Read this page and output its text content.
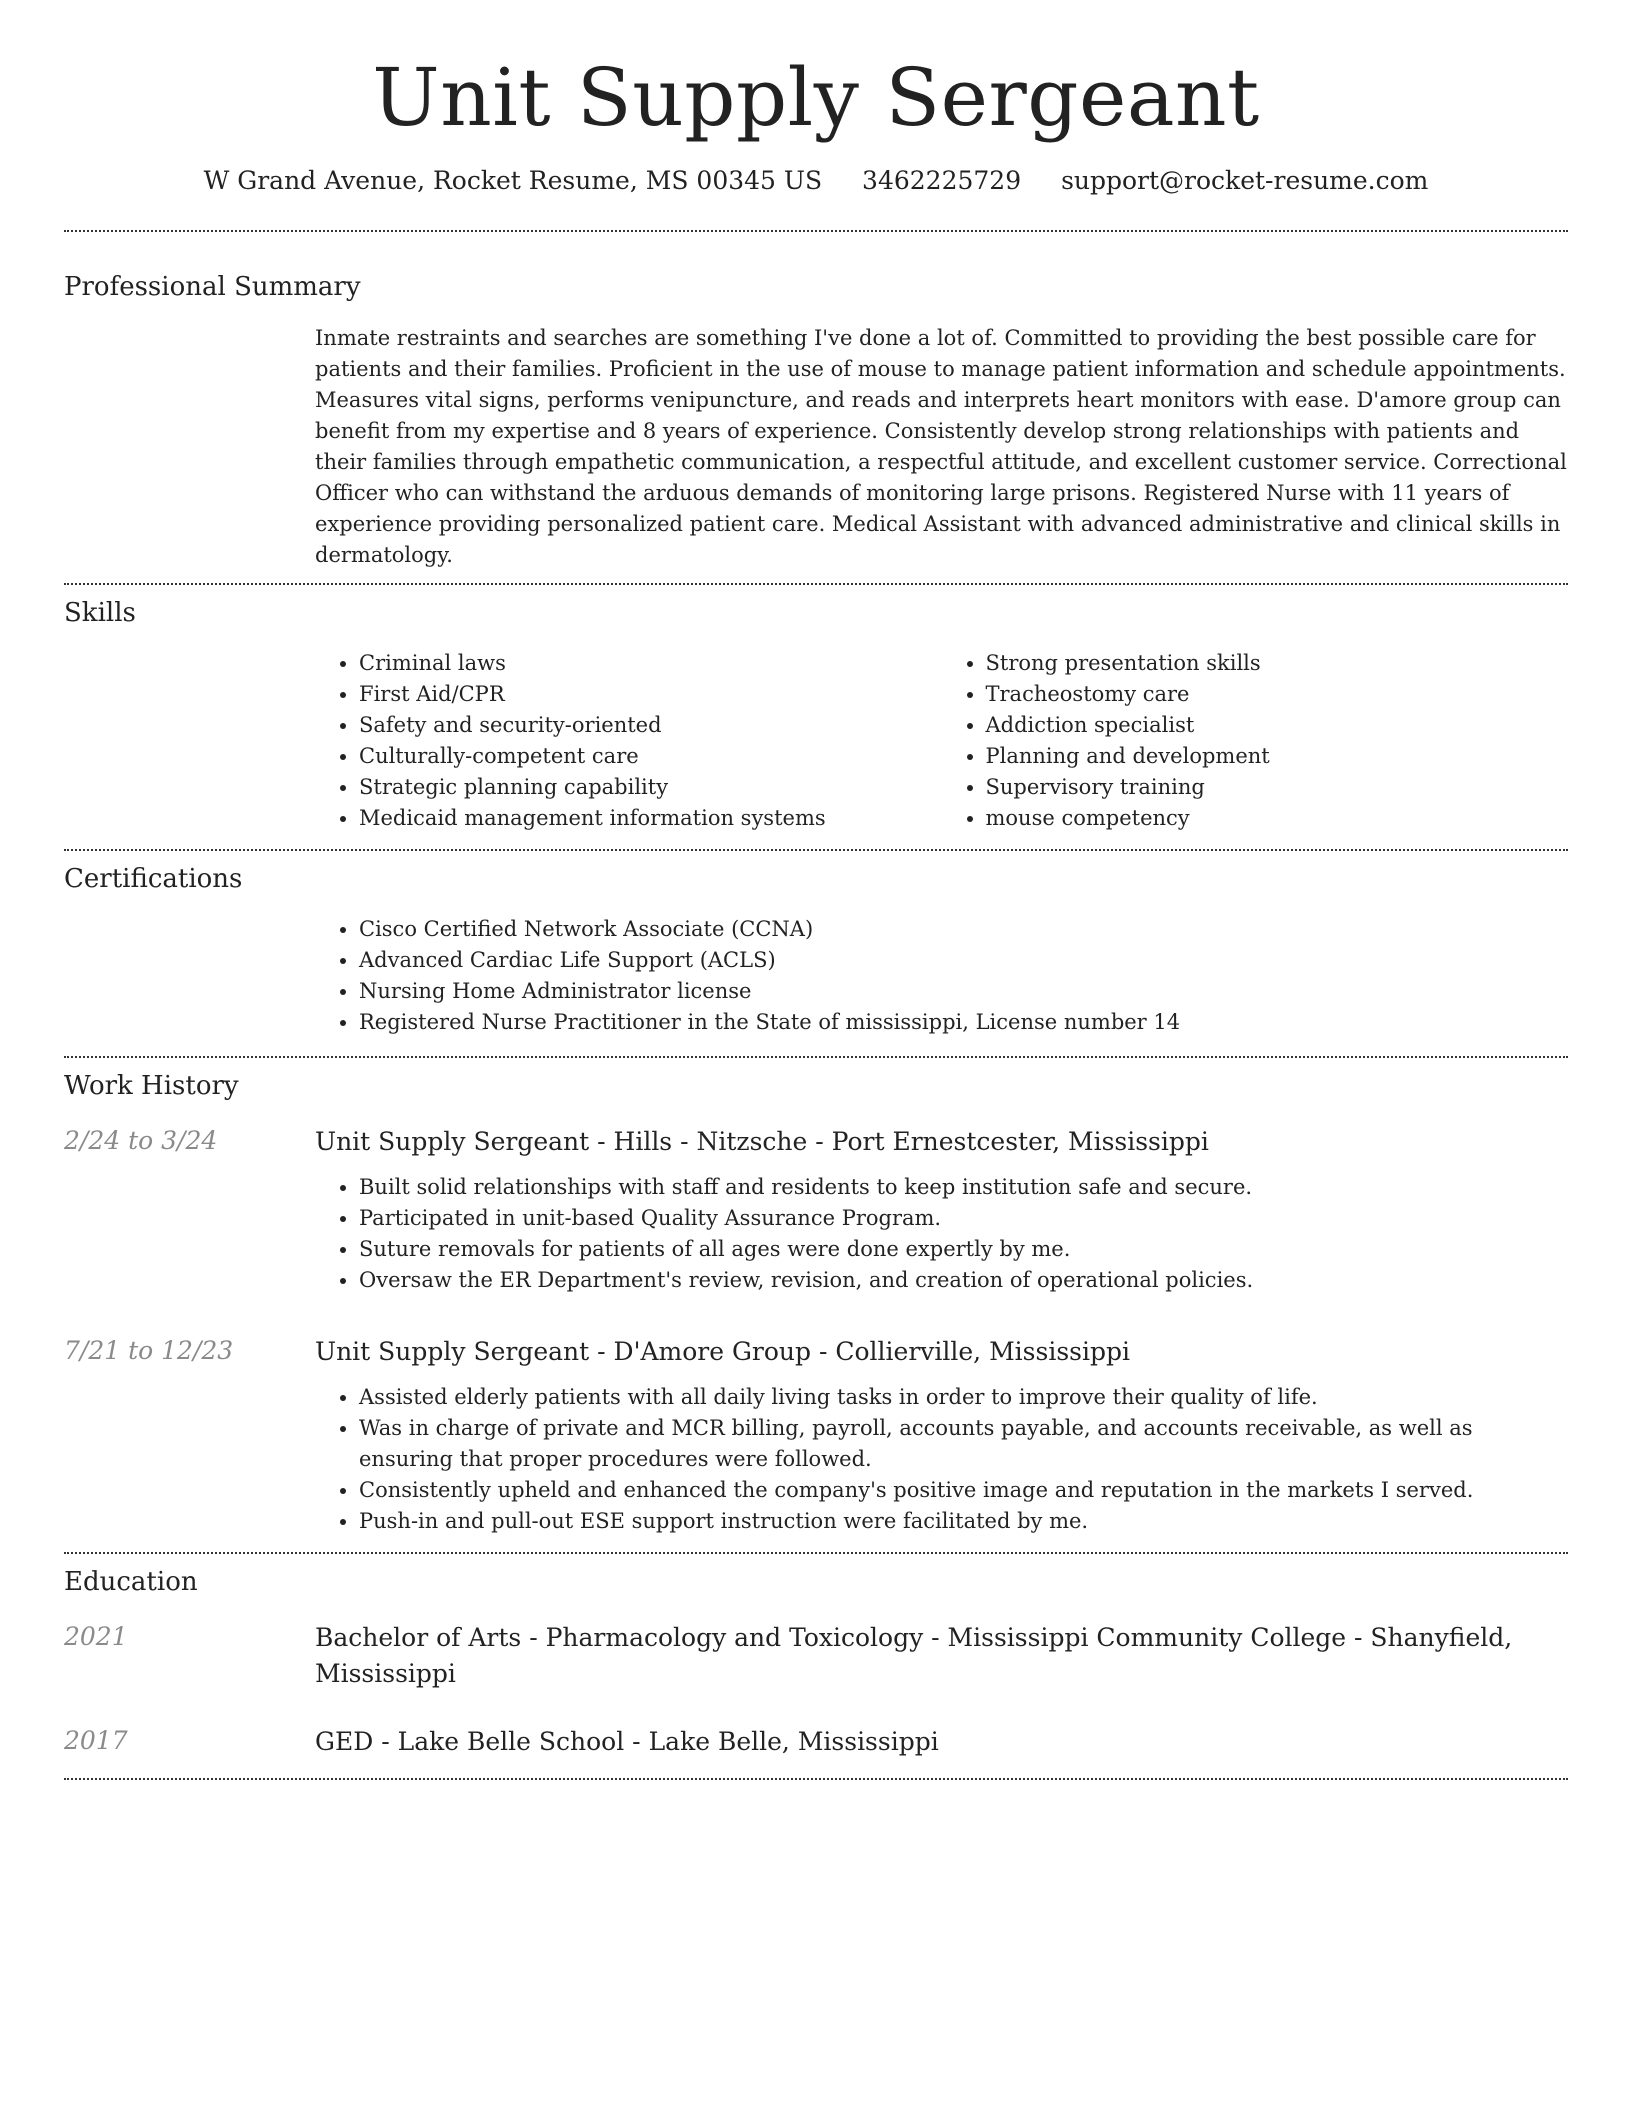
Unit Supply Sergeant
W Grand Avenue, Rocket Resume, MS 00345 US 3462225729 support@rocket-resume.com
Professional Summary
Inmate restraints and searches are something I've done a lot of. Committed to providing the best possible care for patients and their families. Proficient in the use of mouse to manage patient information and schedule appointments. Measures vital signs, performs venipuncture, and reads and interprets heart monitors with ease. D'amore group can benefit from my expertise and 8 years of experience. Consistently develop strong relationships with patients and their families through empathetic communication, a respectful attitude, and excellent customer service. Correctional Officer who can withstand the arduous demands of monitoring large prisons. Registered Nurse with 11 years of experience providing personalized patient care. Medical Assistant with advanced administrative and clinical skills in dermatology.
Skills
• Criminal laws
• First Aid/CPR
• Safety and security-oriented
• Culturally-competent care
• Strategic planning capability
• Medicaid management information systems
• Strong presentation skills
• Tracheostomy care
• Addiction specialist
• Planning and development
• Supervisory training
• mouse competency
Certifications
• Cisco Certified Network Associate (CCNA)
• Advanced Cardiac Life Support (ACLS)
• Nursing Home Administrator license
• Registered Nurse Practitioner in the State of mississippi, License number 14
Work History
2/24 to 3/24	Unit Supply Sergeant - Hills - Nitzsche - Port Ernestcester, Mississippi
• Built solid relationships with staff and residents to keep institution safe and secure.
• Participated in unit-based Quality Assurance Program.
• Suture removals for patients of all ages were done expertly by me.
• Oversaw the ER Department's review, revision, and creation of operational policies.
7/21 to 12/23	Unit Supply Sergeant - D'Amore Group - Collierville, Mississippi
• Assisted elderly patients with all daily living tasks in order to improve their quality of life.
• Was in charge of private and MCR billing, payroll, accounts payable, and accounts receivable, as well as ensuring that proper procedures were followed.
• Consistently upheld and enhanced the company's positive image and reputation in the markets I served.
• Push-in and pull-out ESE support instruction were facilitated by me.
Education
2021	Bachelor of Arts - Pharmacology and Toxicology - Mississippi Community College - Shanyfield, Mississippi
2017	GED - Lake Belle School - Lake Belle, Mississippi
